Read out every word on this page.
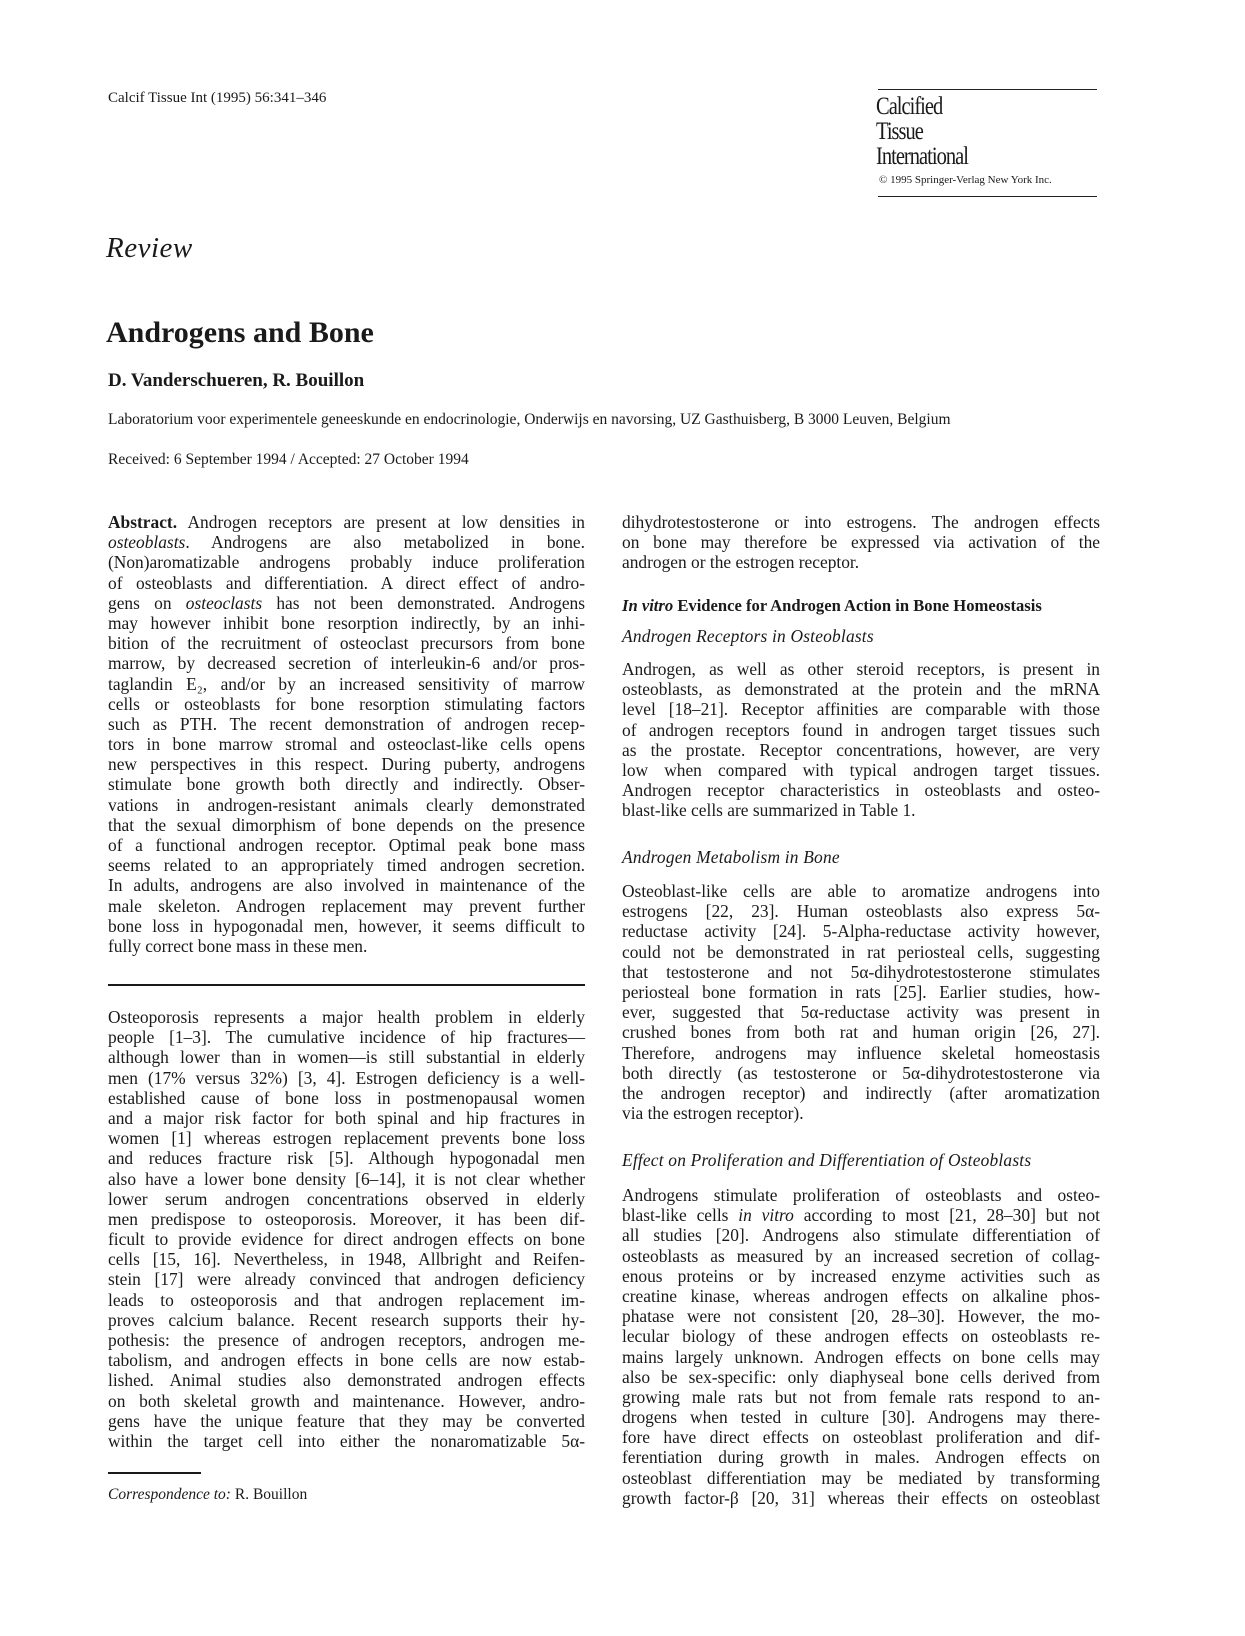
Calcif Tissue Int (1995) 56:341–346	Calcified
Tissue
International
© 1995 Springer-Verlag New York Inc.
Review
Androgens and Bone
D. Vanderschueren, R. Bouillon
Laboratorium voor experimentele geneeskunde en endocrinologie, Onderwijs en navorsing, UZ Gasthuisberg, B 3000 Leuven, Belgium
Received: 6 September 1994 / Accepted: 27 October 1994
Abstract. Androgen receptors are present at low densities in
osteoblasts. Androgens are also metabolized in bone.
(Non)aromatizable androgens probably induce proliferation
of osteoblasts and differentiation. A direct effect of andro-
gens on osteoclasts has not been demonstrated. Androgens
may however inhibit bone resorption indirectly, by an inhi-
bition of the recruitment of osteoclast precursors from bone
marrow, by decreased secretion of interleukin-6 and/or pros-
taglandin E₂, and/or by an increased sensitivity of marrow
cells or osteoblasts for bone resorption stimulating factors
such as PTH. The recent demonstration of androgen recep-
tors in bone marrow stromal and osteoclast-like cells opens
new perspectives in this respect. During puberty, androgens
stimulate bone growth both directly and indirectly. Obser-
vations in androgen-resistant animals clearly demonstrated
that the sexual dimorphism of bone depends on the presence
of a functional androgen receptor. Optimal peak bone mass
seems related to an appropriately timed androgen secretion.
In adults, androgens are also involved in maintenance of the
male skeleton. Androgen replacement may prevent further
bone loss in hypogonadal men, however, it seems difficult to
fully correct bone mass in these men.
Osteoporosis represents a major health problem in elderly
people [1–3]. The cumulative incidence of hip fractures—
although lower than in women—is still substantial in elderly
men (17% versus 32%) [3, 4]. Estrogen deficiency is a well-
established cause of bone loss in postmenopausal women
and a major risk factor for both spinal and hip fractures in
women [1] whereas estrogen replacement prevents bone loss
and reduces fracture risk [5]. Although hypogonadal men
also have a lower bone density [6–14], it is not clear whether
lower serum androgen concentrations observed in elderly
men predispose to osteoporosis. Moreover, it has been dif-
ficult to provide evidence for direct androgen effects on bone
cells [15, 16]. Nevertheless, in 1948, Allbright and Reifen-
stein [17] were already convinced that androgen deficiency
leads to osteoporosis and that androgen replacement im-
proves calcium balance. Recent research supports their hy-
pothesis: the presence of androgen receptors, androgen me-
tabolism, and androgen effects in bone cells are now estab-
lished. Animal studies also demonstrated androgen effects
on both skeletal growth and maintenance. However, andro-
gens have the unique feature that they may be converted
within the target cell into either the nonaromatizable 5α-
Correspondence to: R. Bouillon
dihydrotestosterone or into estrogens. The androgen effects
on bone may therefore be expressed via activation of the
androgen or the estrogen receptor.
In vitro Evidence for Androgen Action in Bone Homeostasis
Androgen Receptors in Osteoblasts
Androgen, as well as other steroid receptors, is present in
osteoblasts, as demonstrated at the protein and the mRNA
level [18–21]. Receptor affinities are comparable with those
of androgen receptors found in androgen target tissues such
as the prostate. Receptor concentrations, however, are very
low when compared with typical androgen target tissues.
Androgen receptor characteristics in osteoblasts and osteo-
blast-like cells are summarized in Table 1.
Androgen Metabolism in Bone
Osteoblast-like cells are able to aromatize androgens into
estrogens [22, 23]. Human osteoblasts also express 5α-
reductase activity [24]. 5-Alpha-reductase activity however,
could not be demonstrated in rat periosteal cells, suggesting
that testosterone and not 5α-dihydrotestosterone stimulates
periosteal bone formation in rats [25]. Earlier studies, how-
ever, suggested that 5α-reductase activity was present in
crushed bones from both rat and human origin [26, 27].
Therefore, androgens may influence skeletal homeostasis
both directly (as testosterone or 5α-dihydrotestosterone via
the androgen receptor) and indirectly (after aromatization
via the estrogen receptor).
Effect on Proliferation and Differentiation of Osteoblasts
Androgens stimulate proliferation of osteoblasts and osteo-
blast-like cells in vitro according to most [21, 28–30] but not
all studies [20]. Androgens also stimulate differentiation of
osteoblasts as measured by an increased secretion of collag-
enous proteins or by increased enzyme activities such as
creatine kinase, whereas androgen effects on alkaline phos-
phatase were not consistent [20, 28–30]. However, the mo-
lecular biology of these androgen effects on osteoblasts re-
mains largely unknown. Androgen effects on bone cells may
also be sex-specific: only diaphyseal bone cells derived from
growing male rats but not from female rats respond to an-
drogens when tested in culture [30]. Androgens may there-
fore have direct effects on osteoblast proliferation and dif-
ferentiation during growth in males. Androgen effects on
osteoblast differentiation may be mediated by transforming
growth factor-β [20, 31] whereas their effects on osteoblast
